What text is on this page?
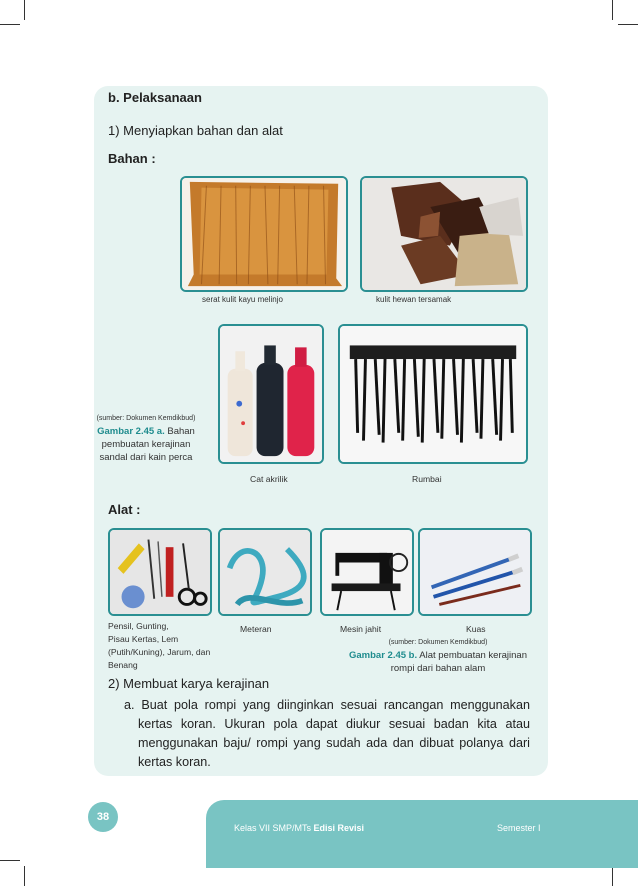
b. Pelaksanaan
1) Menyiapkan bahan dan alat
Bahan :
serat kulit kayu melinjo	kulit hewan tersamak
Cat akrilik	Rumbai
(sumber: Dokumen Kemdikbud)
Gambar 2.45 a. Bahan
pembuatan kerajinan
sandal dari kain perca
Alat :
Pensil, Gunting,
Pisau Kertas, Lem
(Putih/Kuning), Jarum, dan
Benang
Meteran	Mesin jahit	Kuas
(sumber: Dokumen Kemdikbud)
Gambar 2.45 b. Alat pembuatan kerajinan
rompi dari bahan alam
2) Membuat karya kerajinan
a. Buat pola rompi yang diinginkan sesuai rancangan menggunakan kertas koran. Ukuran pola dapat diukur sesuai badan kita atau menggunakan baju/ rompi yang sudah ada dan dibuat polanya dari kertas koran.
38
Kelas VII SMP/MTs Edisi Revisi	Semester I
